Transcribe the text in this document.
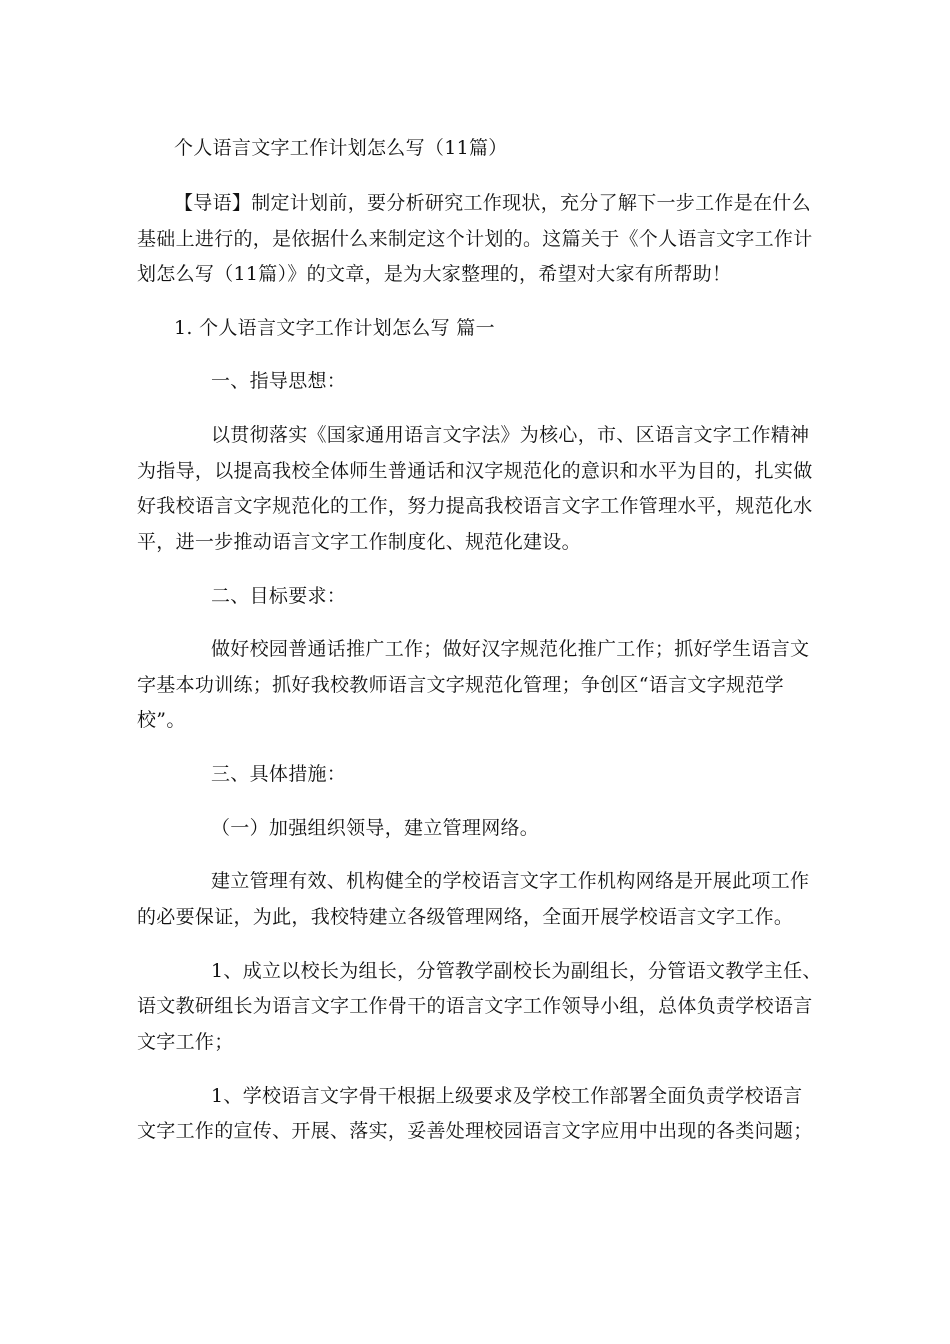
个人语言文字工作计划怎么写（11篇）
【导语】制定计划前，要分析研究工作现状，充分了解下一步工作是在什么
基础上进行的，是依据什么来制定这个计划的。这篇关于《个人语言文字工作计
划怎么写（11篇）》的文章，是为大家整理的，希望对大家有所帮助！
1. 个人语言文字工作计划怎么写 篇一
一、指导思想：
以贯彻落实《国家通用语言文字法》为核心，市、区语言文字工作精神
为指导，以提高我校全体师生普通话和汉字规范化的意识和水平为目的，扎实做
好我校语言文字规范化的工作，努力提高我校语言文字工作管理水平，规范化水
平，进一步推动语言文字工作制度化、规范化建设。
二、目标要求：
做好校园普通话推广工作；做好汉字规范化推广工作；抓好学生语言文
字基本功训练；抓好我校教师语言文字规范化管理；争创区“语言文字规范学
校”。
三、具体措施：
（一）加强组织领导，建立管理网络。
建立管理有效、机构健全的学校语言文字工作机构网络是开展此项工作
的必要保证，为此，我校特建立各级管理网络，全面开展学校语言文字工作。
1、成立以校长为组长，分管教学副校长为副组长，分管语文教学主任、
语文教研组长为语言文字工作骨干的语言文字工作领导小组，总体负责学校语言
文字工作；
1、学校语言文字骨干根据上级要求及学校工作部署全面负责学校语言
文字工作的宣传、开展、落实，妥善处理校园语言文字应用中出现的各类问题；
